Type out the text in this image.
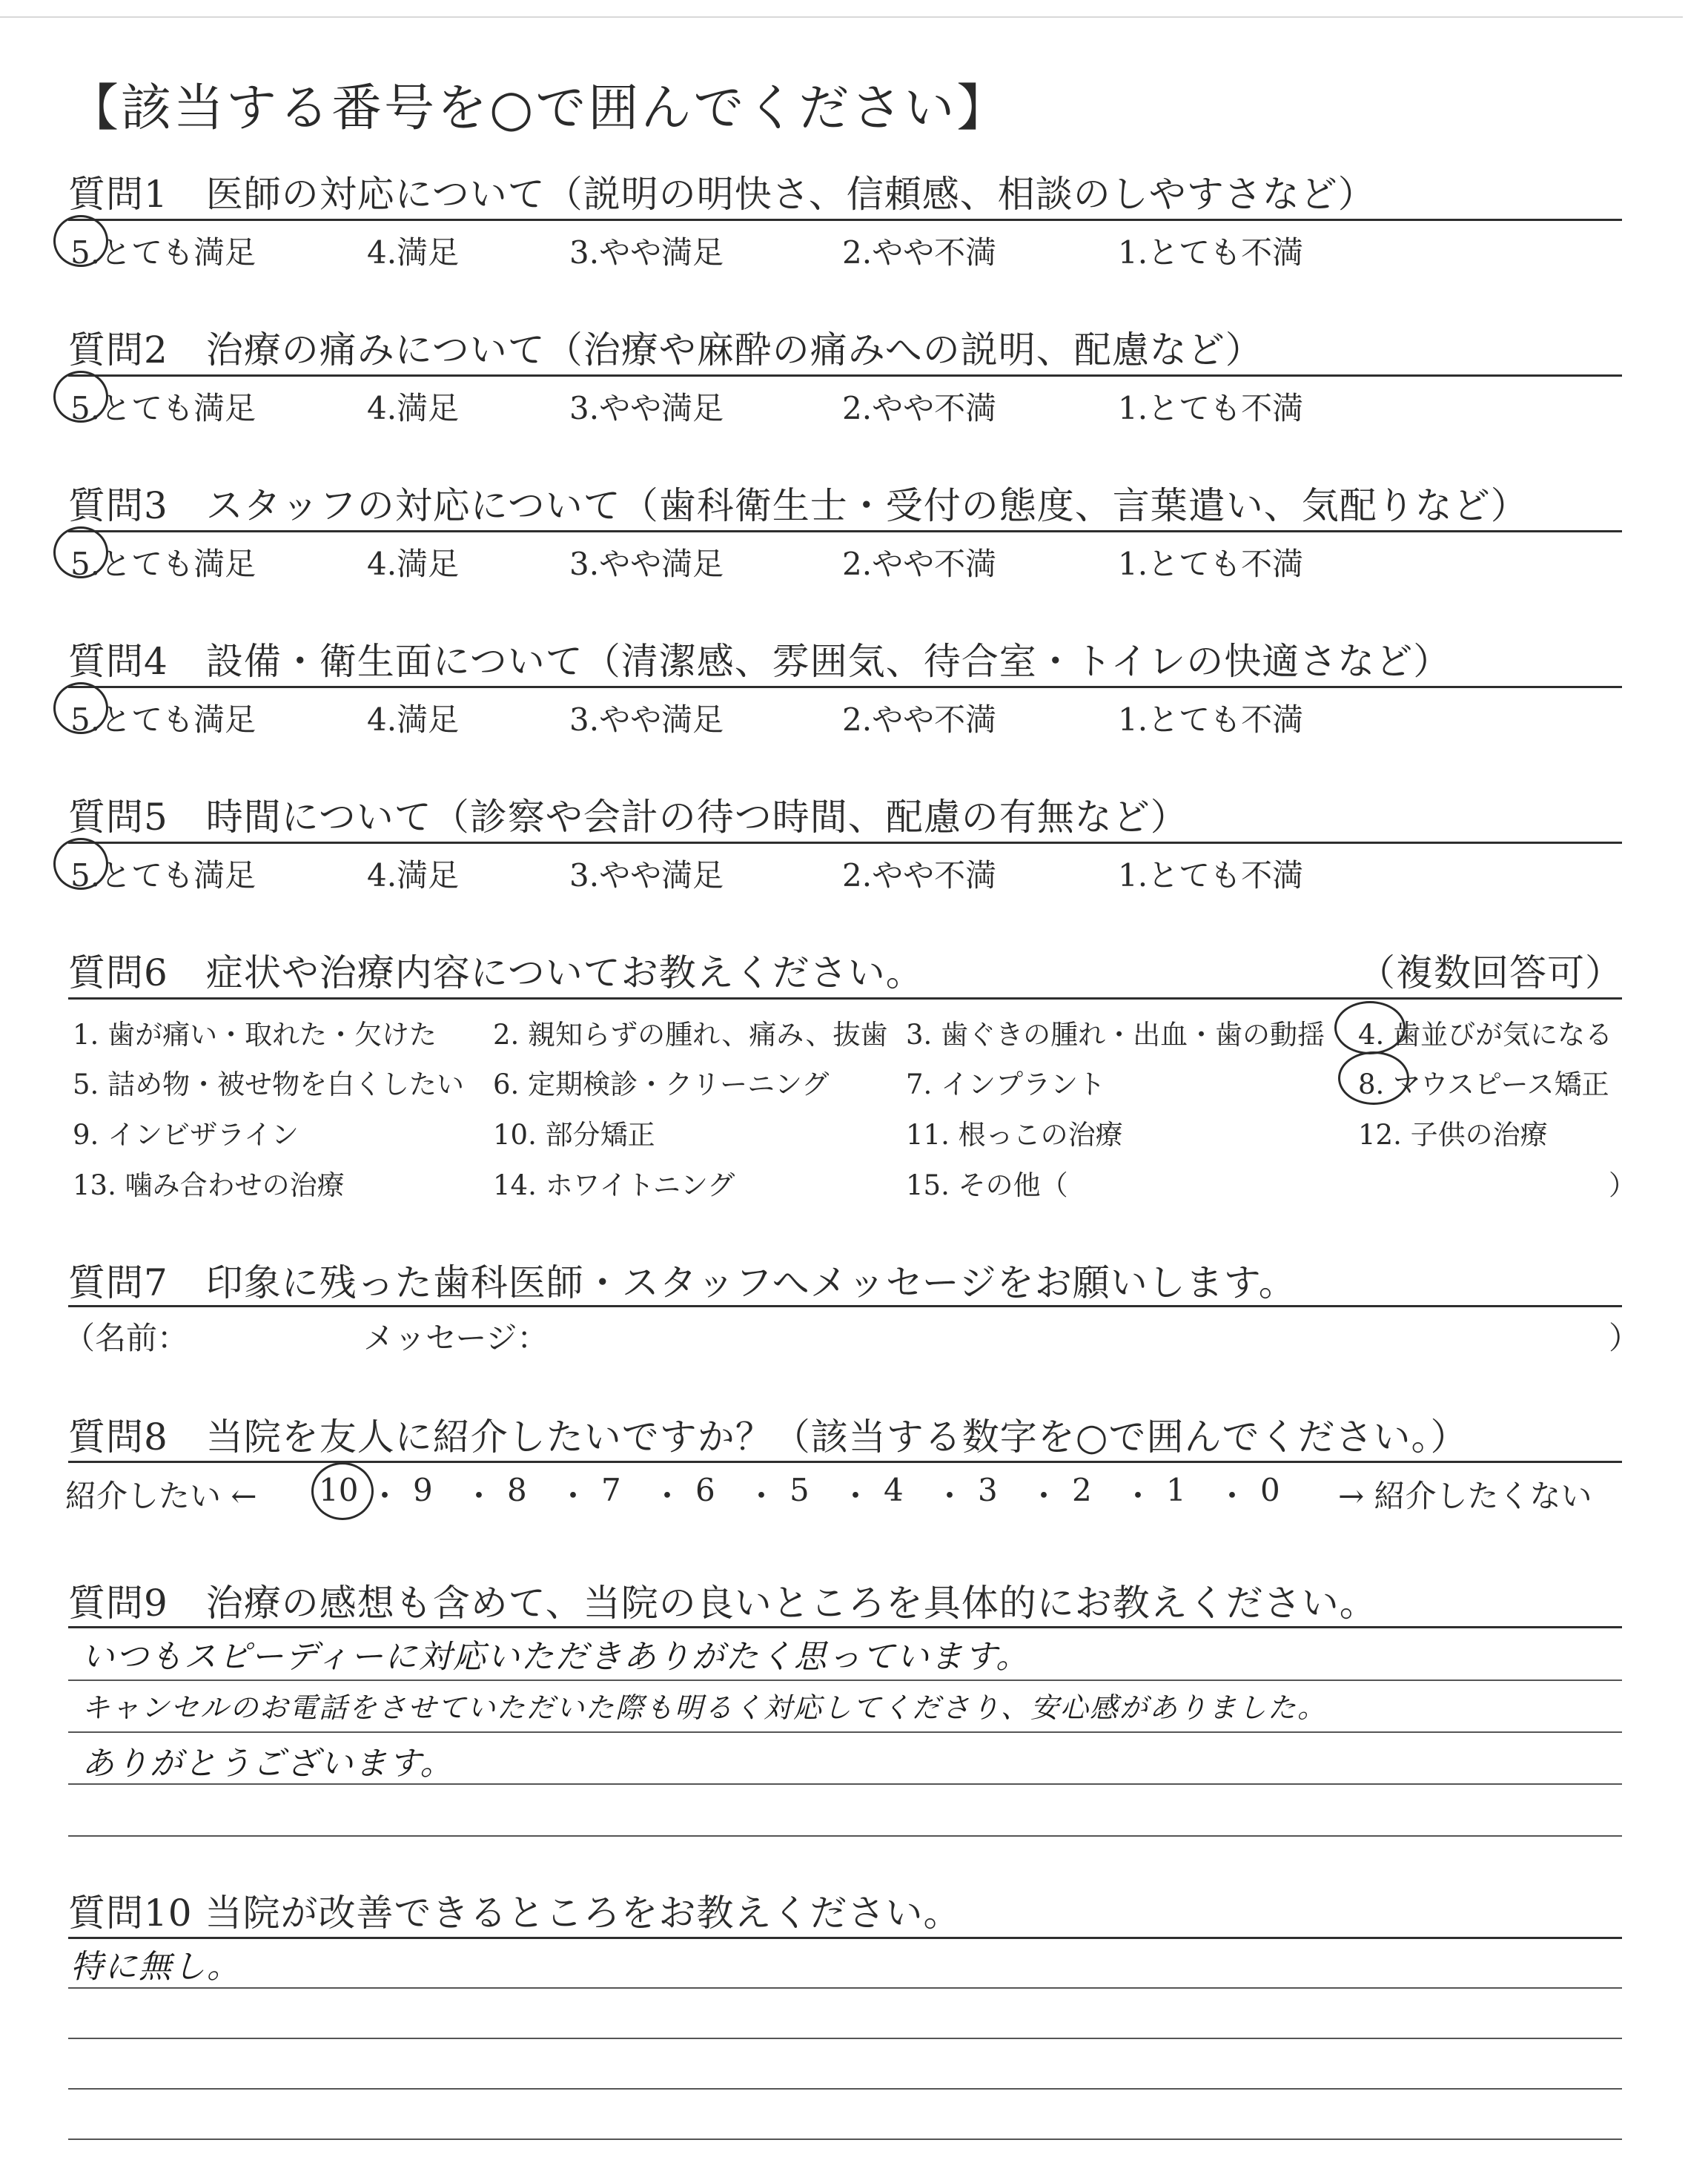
【該当する番号を○で囲んでください】
質問1　医師の対応について（説明の明快さ、信頼感、相談のしやすさなど）
5.とても満足	4.満足	3.やや満足	2.やや不満	1.とても不満
質問2　治療の痛みについて（治療や麻酔の痛みへの説明、配慮など）
5.とても満足	4.満足	3.やや満足	2.やや不満	1.とても不満
質問3　スタッフの対応について（歯科衛生士・受付の態度、言葉遣い、気配りなど）
5.とても満足	4.満足	3.やや満足	2.やや不満	1.とても不満
質問4　設備・衛生面について（清潔感、雰囲気、待合室・トイレの快適さなど）
5.とても満足	4.満足	3.やや満足	2.やや不満	1.とても不満
質問5　時間について（診察や会計の待つ時間、配慮の有無など）
5.とても満足	4.満足	3.やや満足	2.やや不満	1.とても不満
質問6　症状や治療内容についてお教えください。	（複数回答可）
1. 歯が痛い・取れた・欠けた 2. 親知らずの腫れ、痛み、抜歯 3. 歯ぐきの腫れ・出血・歯の動揺 4. 歯並びが気になる
5. 詰め物・被せ物を白くしたい 6. 定期検診・クリーニング	7. インプラント	8. マウスピース矯正
9. インビザライン	10. 部分矯正	11. 根っこの治療	12. 子供の治療
13. 噛み合わせの治療	14. ホワイトニング	15. その他（	）
質問7　印象に残った歯科医師・スタッフへメッセージをお願いします。
（名前：	メッセージ：	）
質問8　当院を友人に紹介したいですか？（該当する数字を○で囲んでください。）
紹介したい ←	→ 紹介したくない
10 ・ 9 ・ 8 ・ 7 ・ 6 ・ 5 ・ 4 ・ 3 ・ 2 ・ 1 ・ 0
質問9　治療の感想も含めて、当院の良いところを具体的にお教えください。
いつもスピーディーに対応いただきありがたく思っています。
キャンセルのお電話をさせていただいた際も明るく対応してくださり、安心感がありました。
ありがとうございます。
質問10 当院が改善できるところをお教えください。
特に無し。
